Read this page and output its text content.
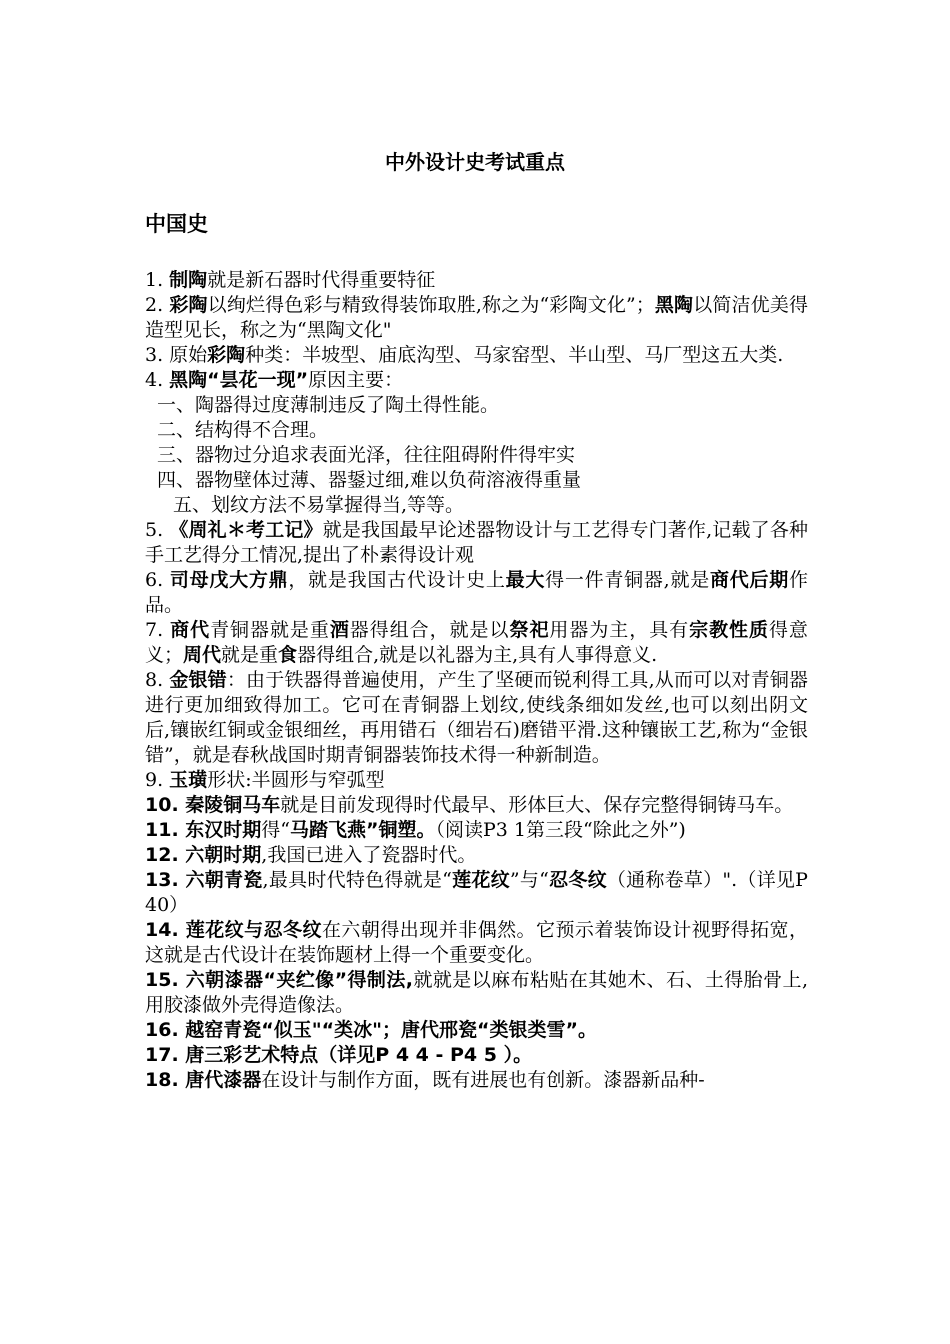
中外设计史考试重点
中国史

1. 制陶就是新石器时代得重要特征

2. 彩陶以绚烂得色彩与精致得装饰取胜,称之为“彩陶文化”；黑陶以简洁优美得造型见长，称之为“黑陶文化"

3. 原始彩陶种类：半坡型、庙底沟型、马家窑型、半山型、马厂型这五大类.

4. 黑陶“昙花一现”原因主要：

一、陶器得过度薄制违反了陶土得性能。

二、结构得不合理。

三、器物过分追求表面光泽，往往阻碍附件得牢实

四、器物壁体过薄、器鋬过细,难以负荷溶液得重量

五、划纹方法不易掌握得当,等等。

5. 《周礼＊考工记》就是我国最早论述器物设计与工艺得专门著作,记载了各种手工艺得分工情况,提出了朴素得设计观

6. 司母戊大方鼎，就是我国古代设计史上最大得一件青铜器,就是商代后期作品。

7. 商代青铜器就是重酒器得组合，就是以祭祀用器为主，具有宗教性质得意义；周代就是重食器得组合,就是以礼器为主,具有人事得意义.

8. 金银错：由于铁器得普遍使用，产生了坚硬而锐利得工具,从而可以对青铜器进行更加细致得加工。它可在青铜器上划纹,使线条细如发丝,也可以刻出阴文后,镶嵌红铜或金银细丝，再用错石（细岩石)磨错平滑.这种镶嵌工艺,称为“金银错”，就是春秋战国时期青铜器装饰技术得一种新制造。

9. 玉璜形状:半圆形与窄弧型

10. 秦陵铜马车就是目前发现得时代最早、形体巨大、保存完整得铜铸马车。

11. 东汉时期得“马踏飞燕”铜塑。（阅读P3 1第三段“除此之外”)

12. 六朝时期,我国已进入了瓷器时代。

13. 六朝青瓷,最具时代特色得就是“莲花纹”与“忍冬纹（通称卷草）".（详见P 40）

14. 莲花纹与忍冬纹在六朝得出现并非偶然。它预示着装饰设计视野得拓宽，这就是古代设计在装饰题材上得一个重要变化。

15. 六朝漆器“夹纻像”得制法,就就是以麻布粘贴在其她木、石、土得胎骨上,用胶漆做外壳得造像法。

16. 越窑青瓷“似玉"“类冰"；唐代邢瓷“类银类雪”。

17. 唐三彩艺术特点（详见P 4 4 - P4 5 ）。

18. 唐代漆器在设计与制作方面，既有进展也有创新。漆器新品种-
